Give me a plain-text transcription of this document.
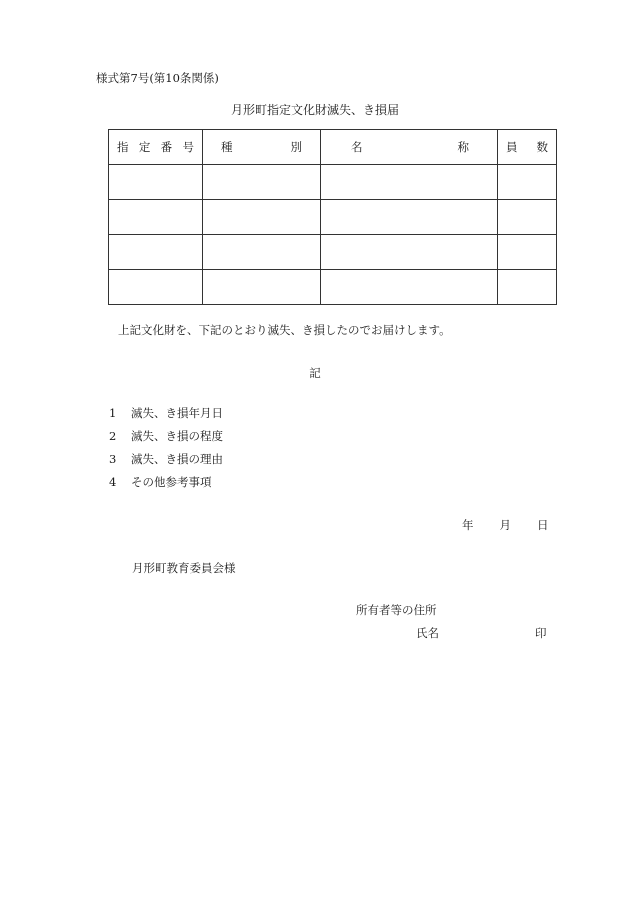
様式第7号(第10条関係)
月形町指定文化財滅失、き損届
指 定 番 号	種 別	名 称	員 数

上記文化財を、下記のとおり滅失、き損したのでお届けします。
記
1 滅失、き損年月日
2 滅失、き損の程度
3 滅失、き損の理由
4 その他参考事項
年 月 日
月形町教育委員会様
所有者等の住所
氏名	印
